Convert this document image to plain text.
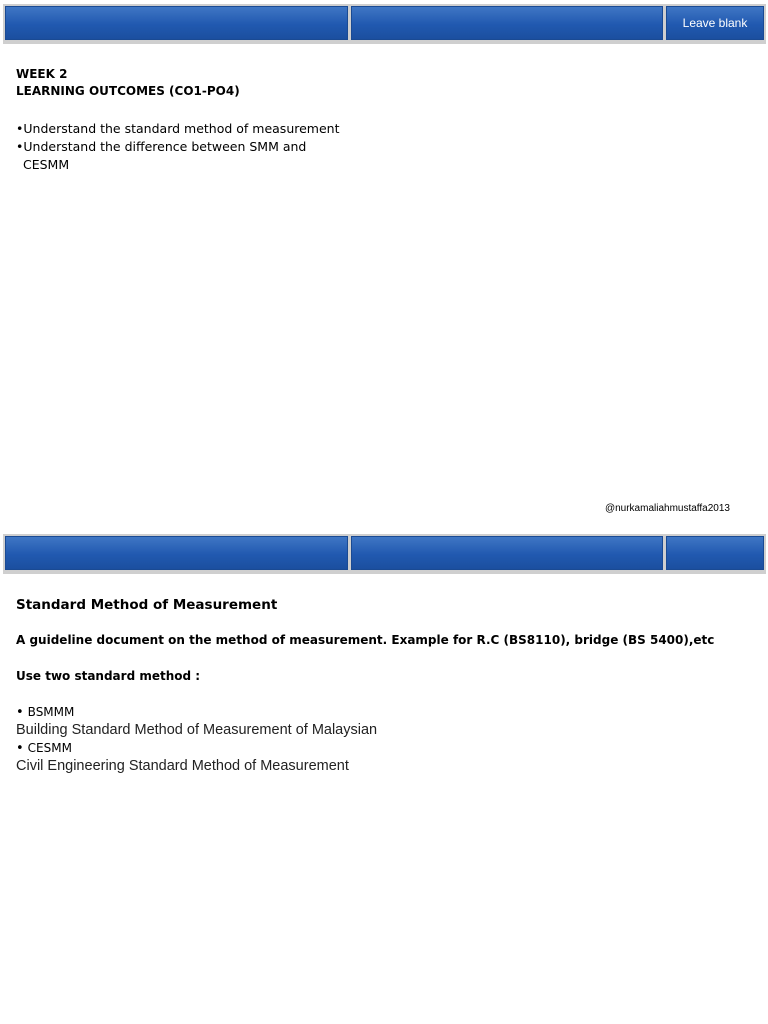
Leave blank
WEEK 2
LEARNING OUTCOMES (CO1-PO4)
•Understand the standard method of measurement
•Understand the difference between SMM and
CESMM
@nurkamaliahmustaffa2013
Standard Method of Measurement
A guideline document on the method of measurement. Example for R.C (BS8110), bridge (BS 5400),etc
Use two standard method :
• BSMMM
Building Standard Method of Measurement of Malaysian
• CESMM
Civil Engineering Standard Method of Measurement
